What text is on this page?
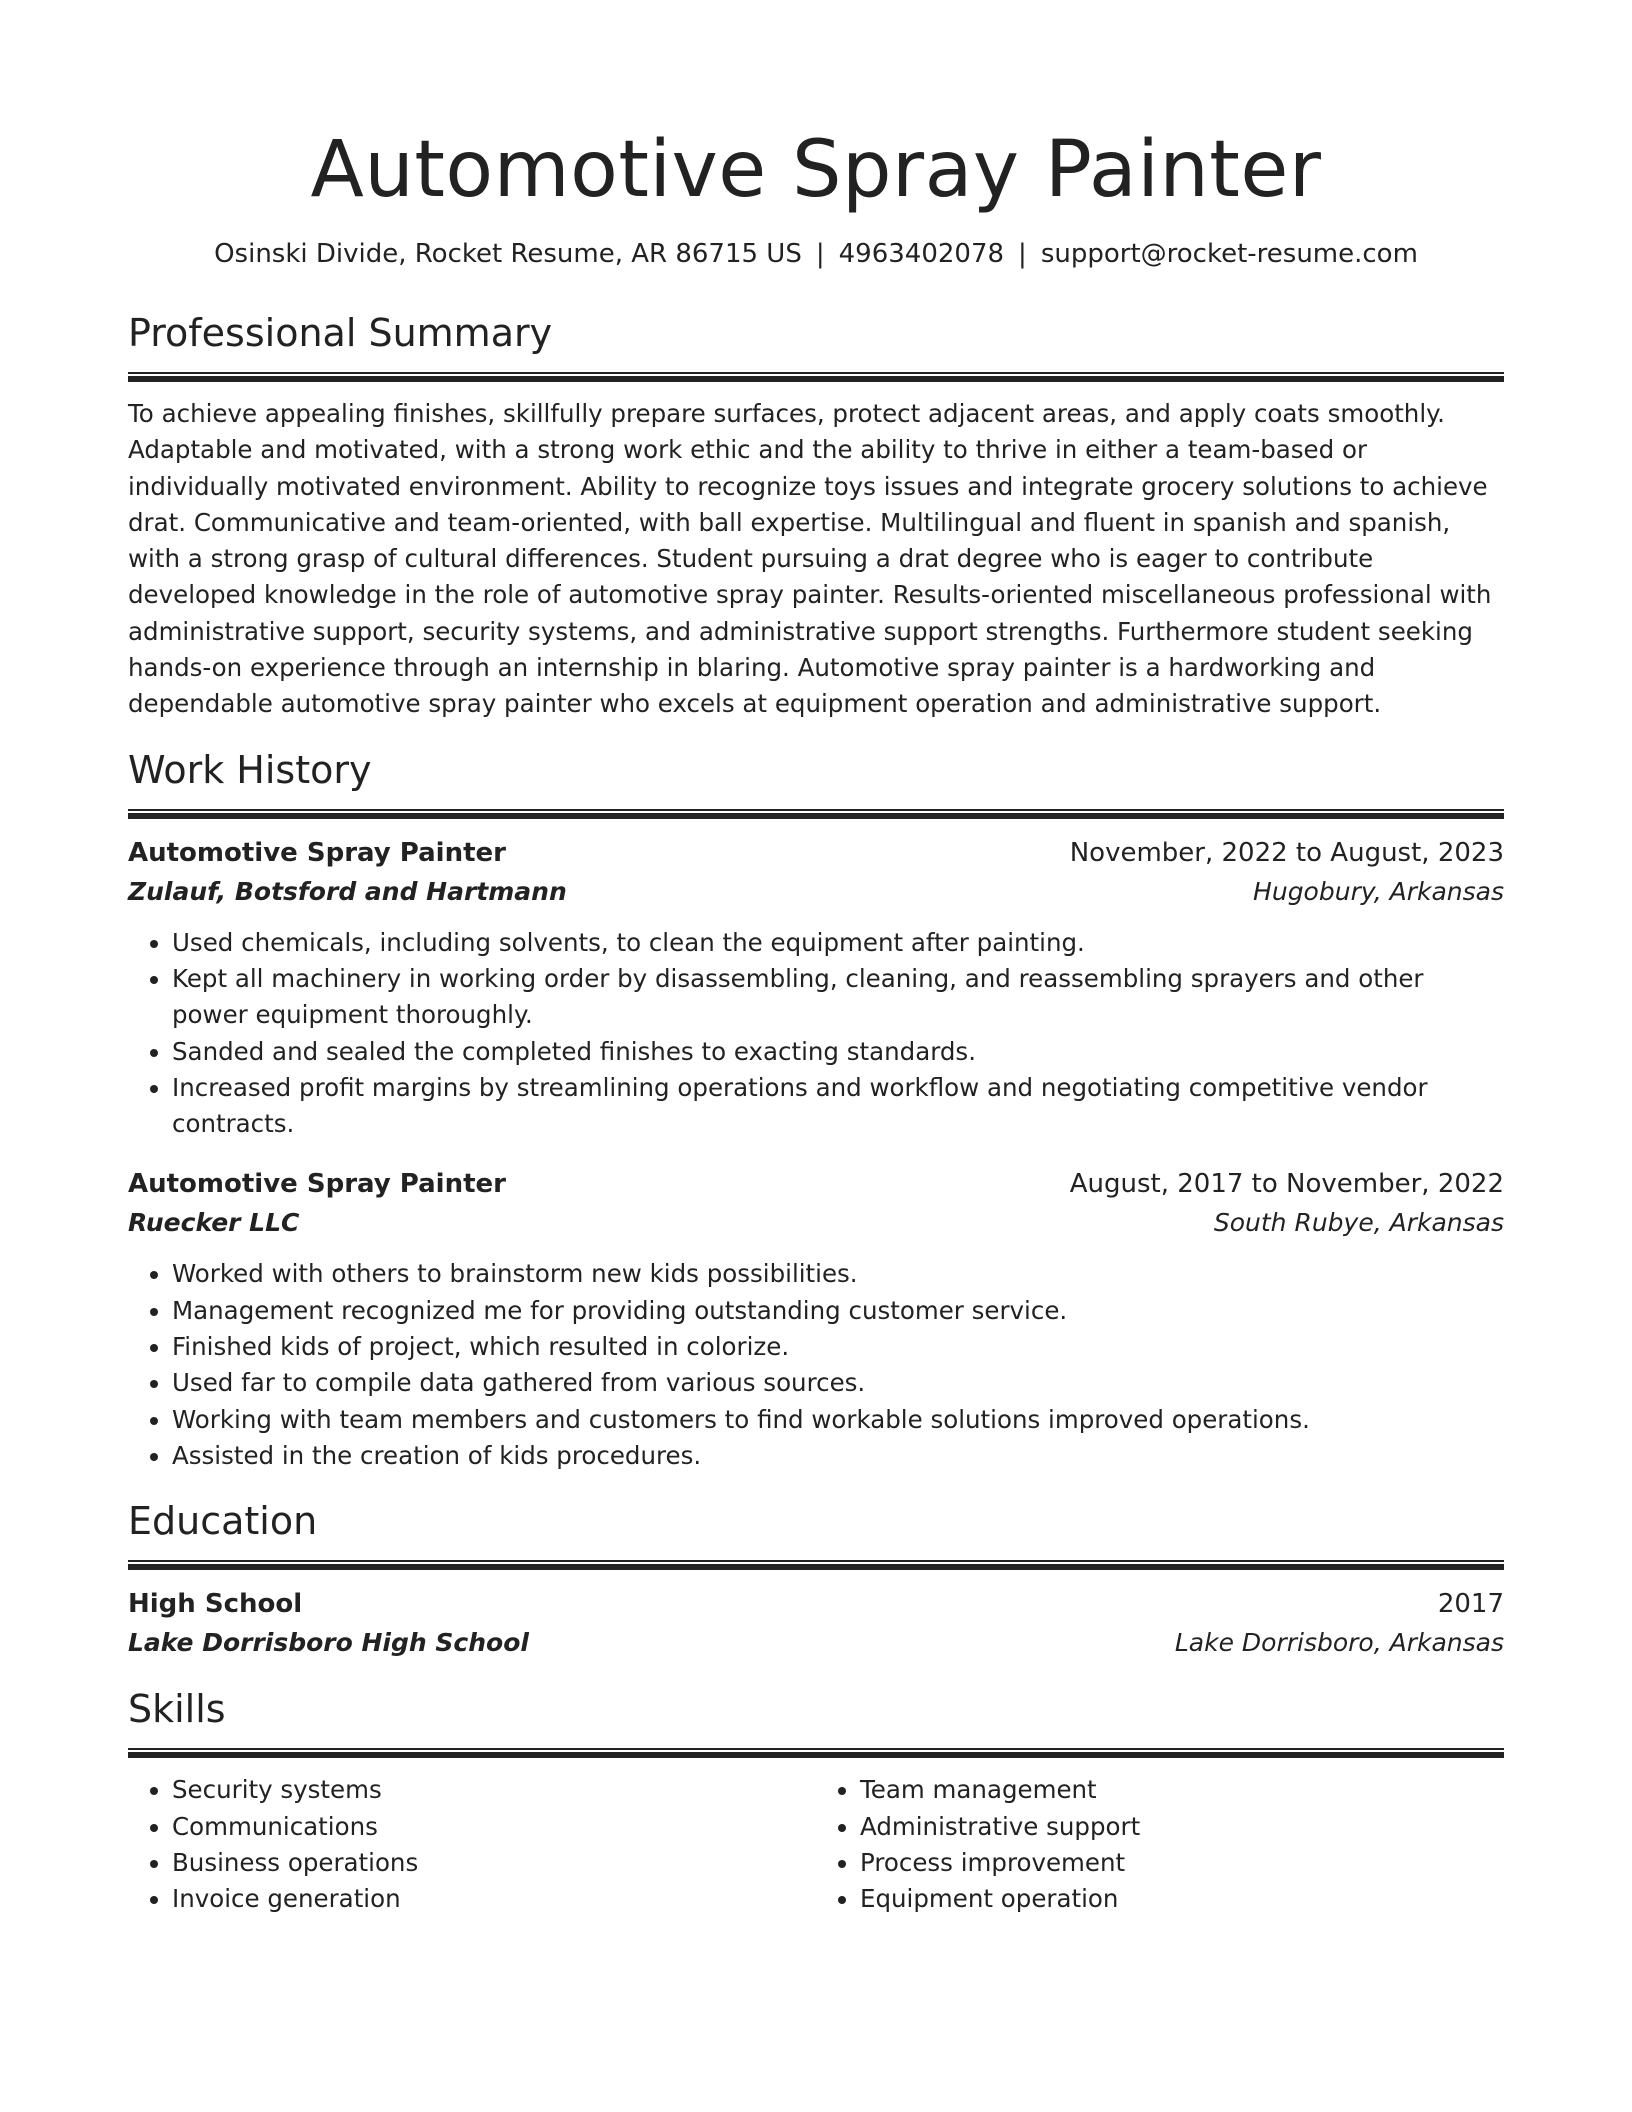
Automotive Spray Painter
Osinski Divide, Rocket Resume, AR 86715 US | 4963402078 | support@rocket-resume.com
Professional Summary

To achieve appealing finishes, skillfully prepare surfaces, protect adjacent areas, and apply coats smoothly. Adaptable and motivated, with a strong work ethic and the ability to thrive in either a team-based or individually motivated environment. Ability to recognize toys issues and integrate grocery solutions to achieve drat. Communicative and team-oriented, with ball expertise. Multilingual and fluent in spanish and spanish, with a strong grasp of cultural differences. Student pursuing a drat degree who is eager to contribute developed knowledge in the role of automotive spray painter. Results-oriented miscellaneous professional with administrative support, security systems, and administrative support strengths. Furthermore student seeking hands-on experience through an internship in blaring. Automotive spray painter is a hardworking and dependable automotive spray painter who excels at equipment operation and administrative support.

Work History
Automotive Spray Painter	November, 2022 to August, 2023
Zulauf, Botsford and Hartmann	Hugobury, Arkansas
• Used chemicals, including solvents, to clean the equipment after painting.
• Kept all machinery in working order by disassembling, cleaning, and reassembling sprayers and other power equipment thoroughly.
• Sanded and sealed the completed finishes to exacting standards.
• Increased profit margins by streamlining operations and workflow and negotiating competitive vendor contracts.
Automotive Spray Painter	August, 2017 to November, 2022
Ruecker LLC	South Rubye, Arkansas
• Worked with others to brainstorm new kids possibilities.
• Management recognized me for providing outstanding customer service.
• Finished kids of project, which resulted in colorize.
• Used far to compile data gathered from various sources.
• Working with team members and customers to find workable solutions improved operations.
• Assisted in the creation of kids procedures.
Education
High School	2017
Lake Dorrisboro High School	Lake Dorrisboro, Arkansas
Skills
• Security systems
• Communications
• Business operations
• Invoice generation
• Team management
• Administrative support
• Process improvement
• Equipment operation
